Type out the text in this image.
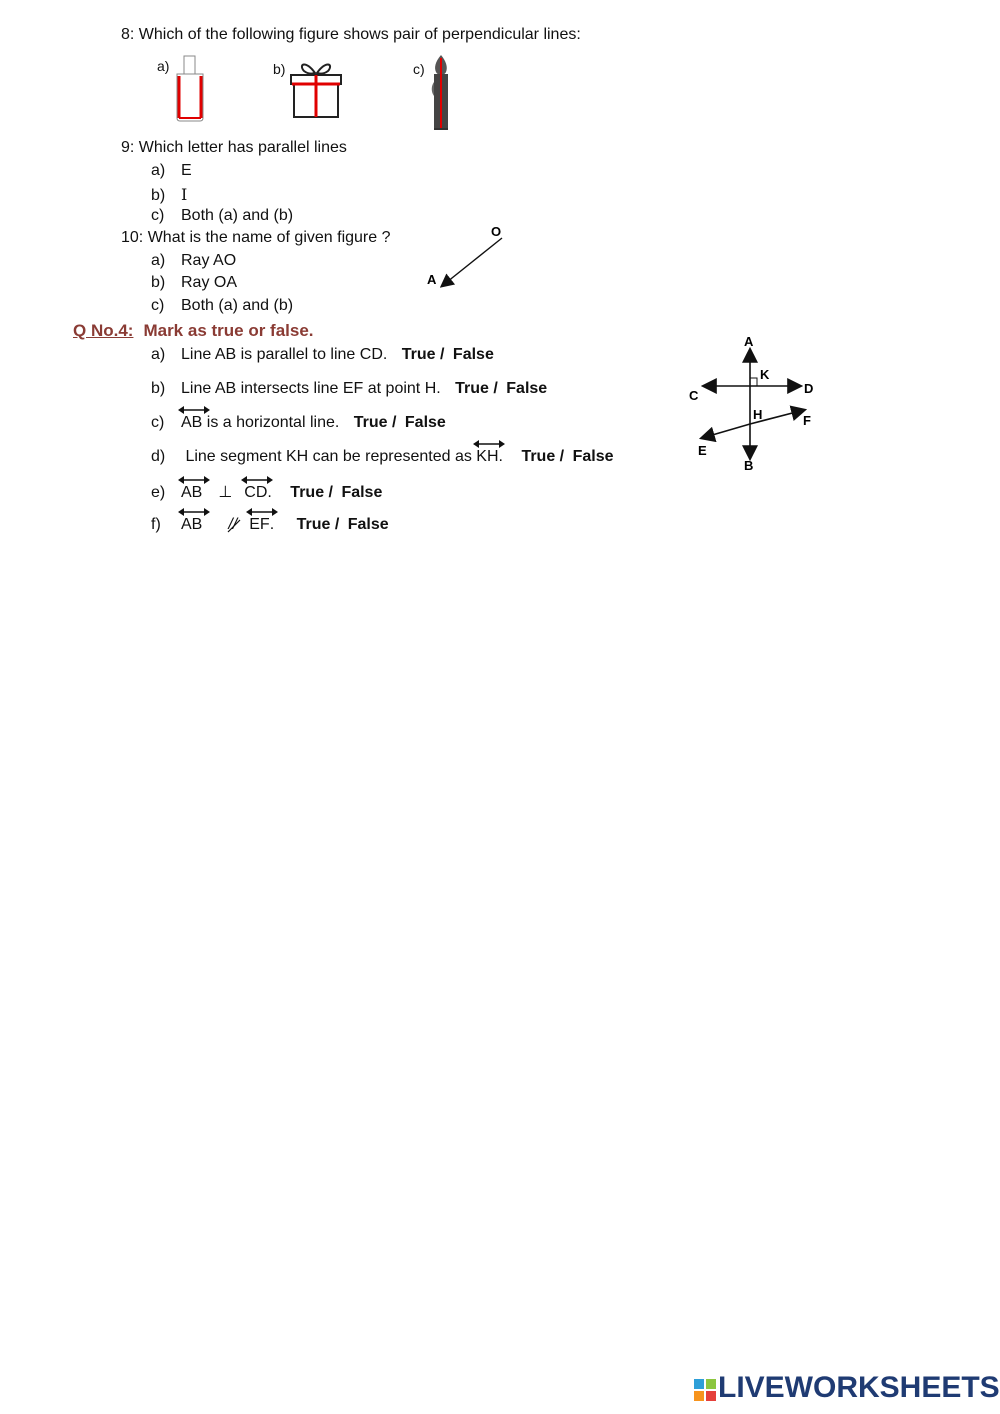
8: Which of the following figure shows pair of perpendicular lines:
a)	b)	c)
9: Which letter has parallel lines
a) E
b) I
c) Both (a) and (b)
10: What is the name of given figure ?
a) Ray AO
b) Ray OA
c) Both (a) and (b)
O
A
Q No.4: Mark as true or false.
a) Line AB is parallel to line CD. True / False
b) Line AB intersects line EF at point H. True / False
c) AB is a horizontal line. True / False
d) Line segment KH can be represented as
KH. True / False
e) AB ⊥ CD. True / False
f) AB // EF. True / False
A
B
C	D
E
F
H
K
LIVEWORKSHEETS
